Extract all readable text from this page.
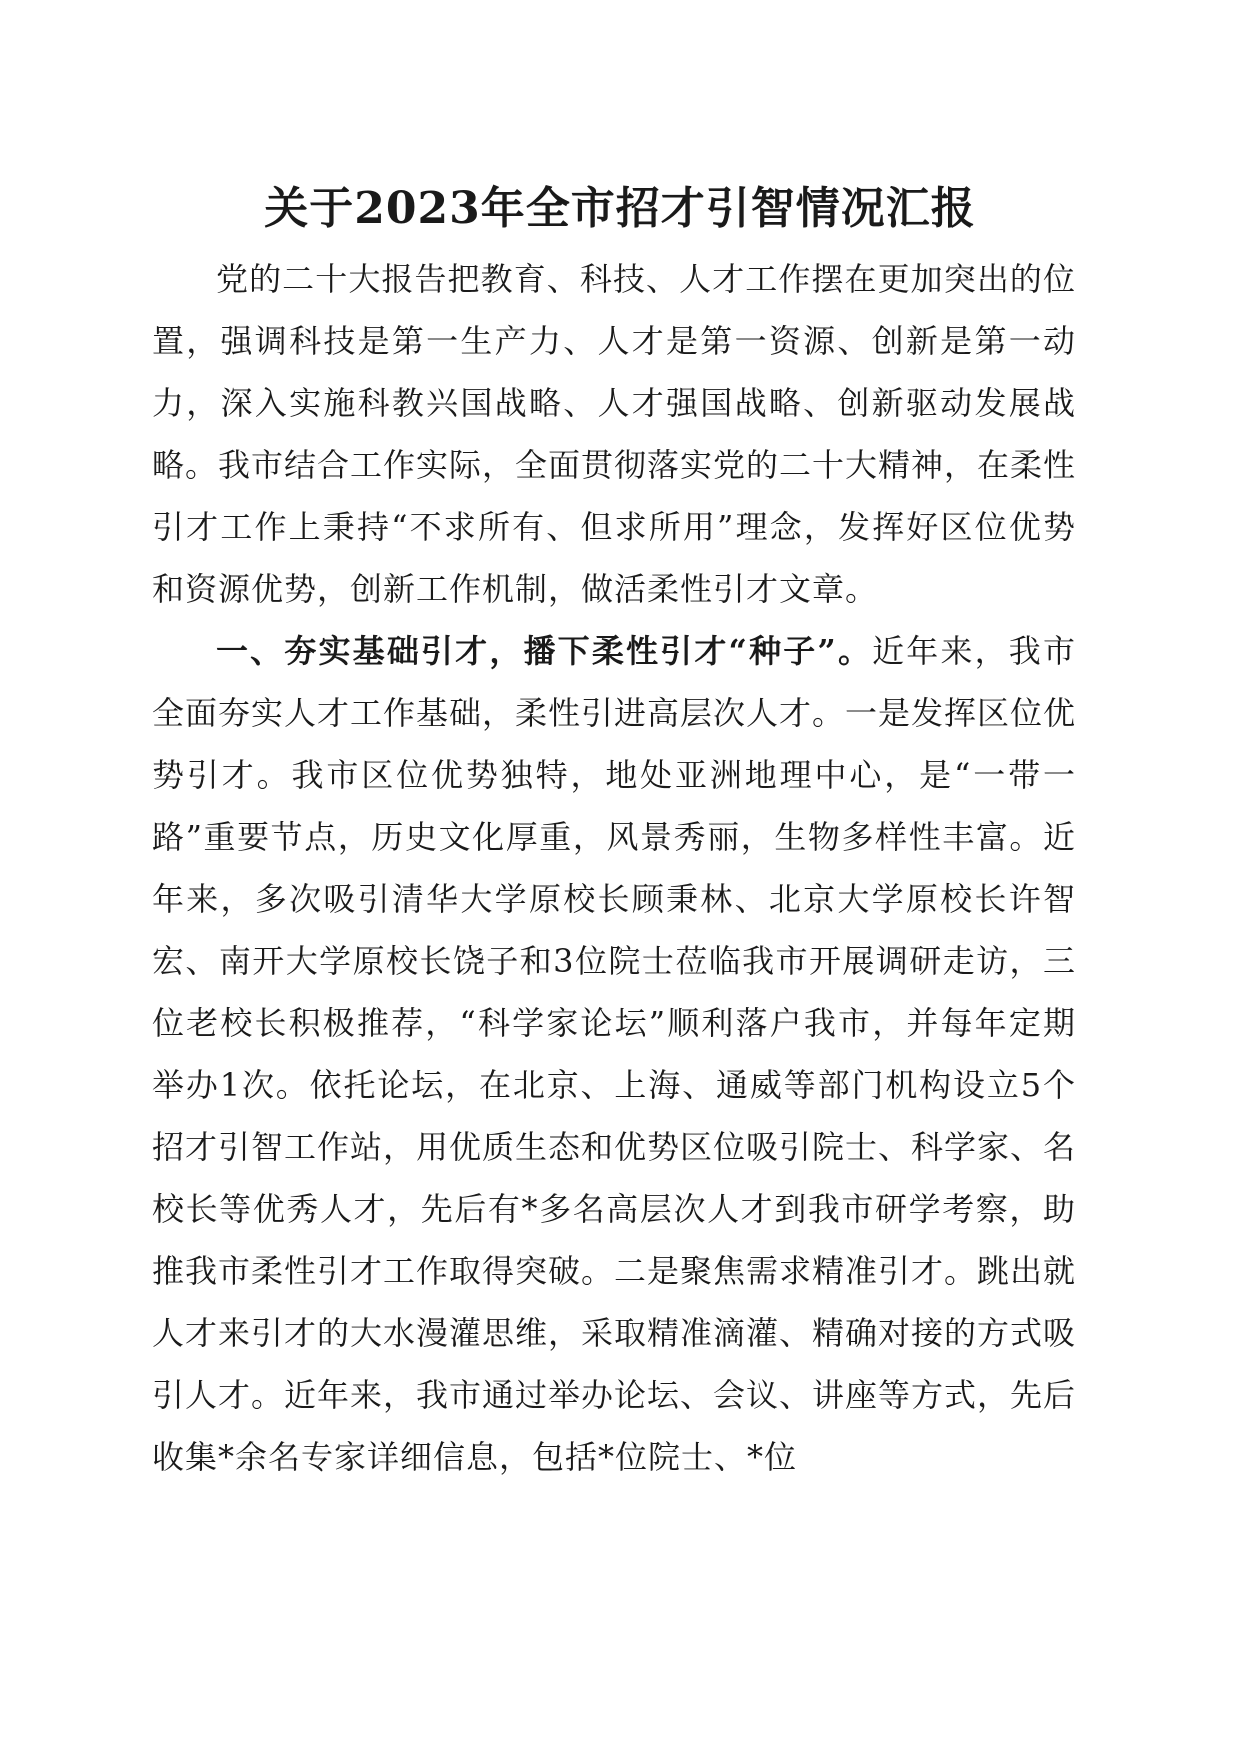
关于2023年全市招才引智情况汇报

党的二十大报告把教育、科技、人才工作摆在更加突出的位置，强调科技是第一生产力、人才是第一资源、创新是第一动力，深入实施科教兴国战略、人才强国战略、创新驱动发展战略。我市结合工作实际，全面贯彻落实党的二十大精神，在柔性引才工作上秉持“不求所有、但求所用”理念，发挥好区位优势和资源优势，创新工作机制，做活柔性引才文章。

一、夯实基础引才，播下柔性引才“种子”。近年来，我市全面夯实人才工作基础，柔性引进高层次人才。一是发挥区位优势引才。我市区位优势独特，地处亚洲地理中心，是“一带一路”重要节点，历史文化厚重，风景秀丽，生物多样性丰富。近年来，多次吸引清华大学原校长顾秉林、北京大学原校长许智宏、南开大学原校长饶子和3位院士莅临我市开展调研走访，三位老校长积极推荐，“科学家论坛”顺利落户我市，并每年定期举办1次。依托论坛，在北京、上海、通威等部门机构设立5个招才引智工作站，用优质生态和优势区位吸引院士、科学家、名校长等优秀人才，先后有*多名高层次人才到我市研学考察，助推我市柔性引才工作取得突破。二是聚焦需求精准引才。跳出就人才来引才的大水漫灌思维，采取精准滴灌、精确对接的方式吸引人才。近年来，我市通过举办论坛、会议、讲座等方式，先后收集*余名专家详细信息，包括*位院士、*位
